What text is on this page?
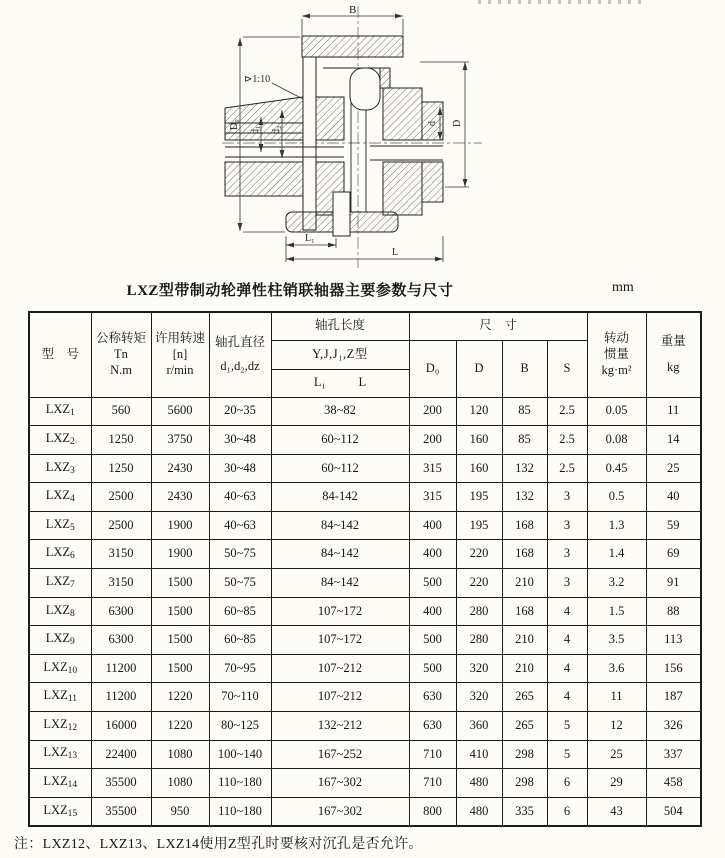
B
⊳1:10
D₀ d₁ d₂
d D
L₁
L
LXZ型带制动轮弹性柱销联轴器主要参数与尺寸	mm
型　号	公称转矩Tn
N.m	许用转速
[n]
r/min	轴孔直径
d₁,d₂,dz	轴孔长度	尺　寸				转动
惯量
kg·m²	重量
kg

				Y,J,J₁,Z型	D₀	D	B	S		

				L₁ L						

LXZ1	560	5600	20~35	38~82	200	120	85	2.5	0.05	11
LXZ2	1250	3750	30~48	60~112	200	160	85	2.5	0.08	14
LXZ3	1250	2430	30~48	60~112	315	160	132	2.5	0.45	25
LXZ4	2500	2430	40~63	84-142	315	195	132	3	0.5	40
LXZ5	2500	1900	40~63	84~142	400	195	168	3	1.3	59
LXZ6	3150	1900	50~75	84~142	400	220	168	3	1.4	69
LXZ7	3150	1500	50~75	84~142	500	220	210	3	3.2	91
LXZ8	6300	1500	60~85	107~172	400	280	168	4	1.5	88
LXZ9	6300	1500	60~85	107~172	500	280	210	4	3.5	113
LXZ10	11200	1500	70~95	107~212	500	320	210	4	3.6	156
LXZ11	11200	1220	70~110	107~212	630	320	265	4	11	187
LXZ12	16000	1220	80~125	132~212	630	360	265	5	12	326
LXZ13	22400	1080	100~140	167~252	710	410	298	5	25	337
LXZ14	35500	1080	110~180	167~302	710	480	298	6	29	458
LXZ15	35500	950	110~180	167~302	800	480	335	6	43	504
注：LXZ12、LXZ13、LXZ14使用Z型孔时要核对沉孔是否允许。
